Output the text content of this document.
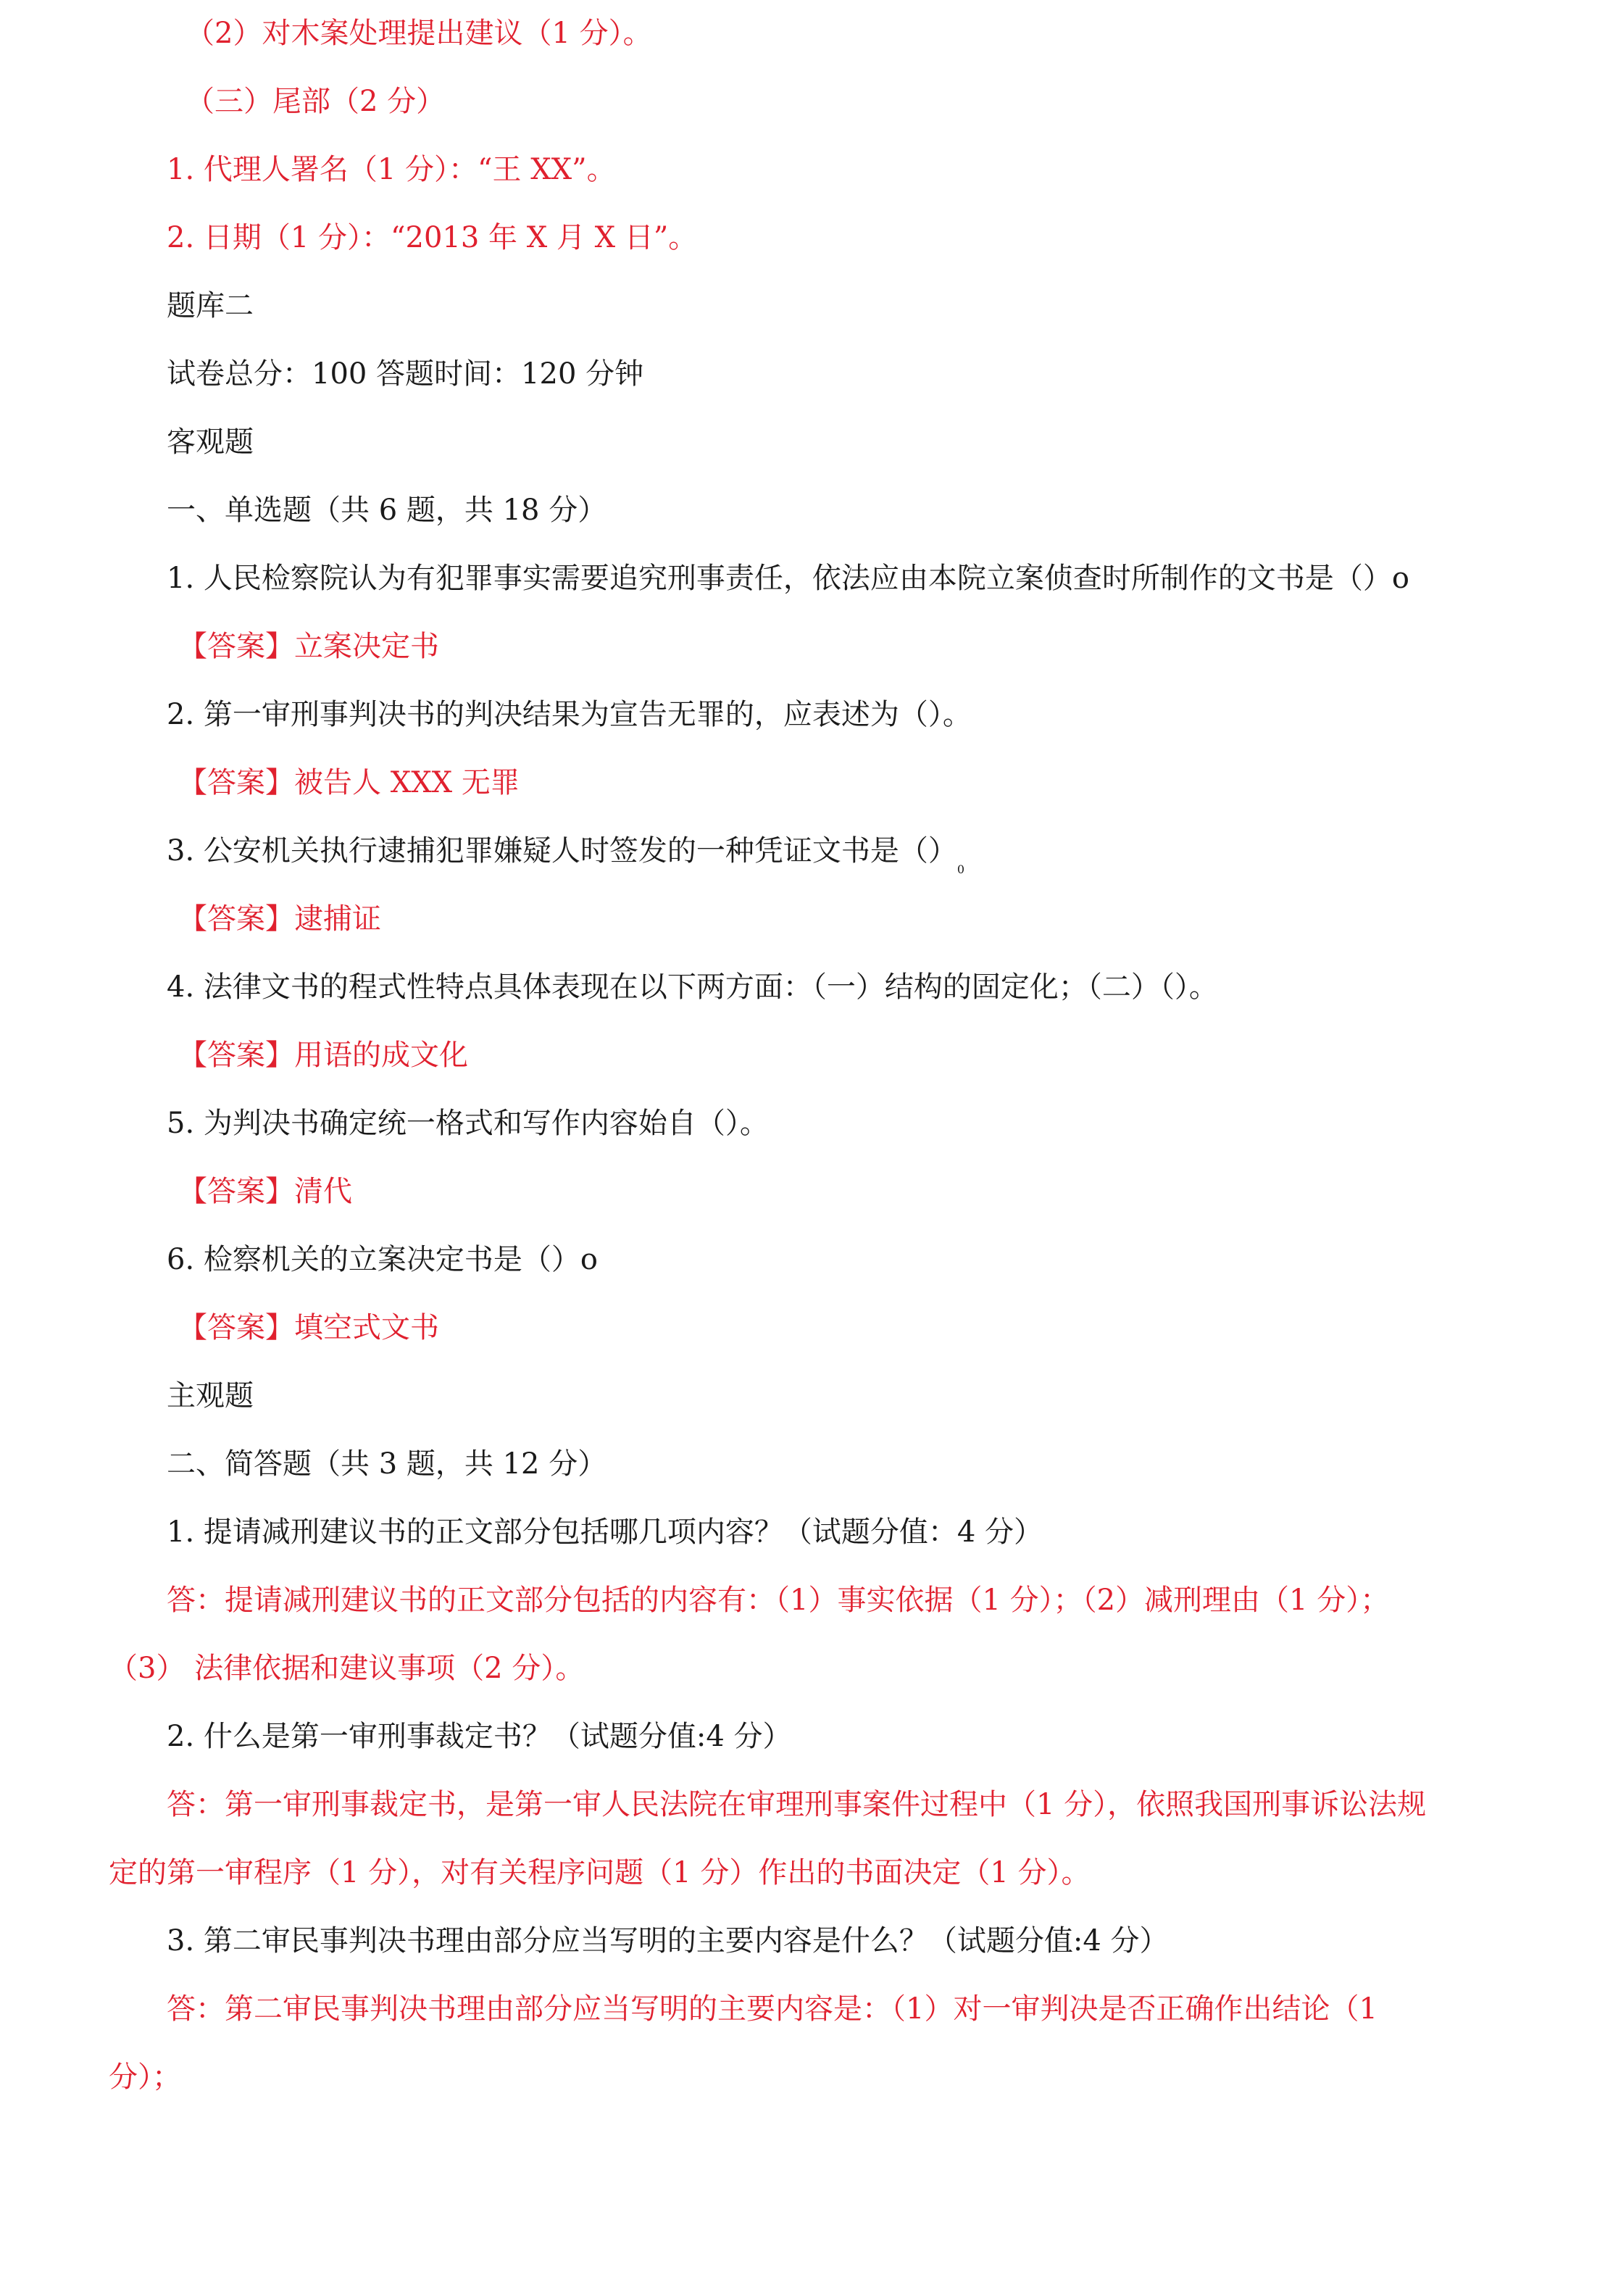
（2）对木案处理提出建议（1 分）。
（三）尾部（2 分）
1. 代理人署名（1 分）：“王 XX”。
2. 日期（1 分）：“2013 年 X 月 X 日”。
题库二
试卷总分：100 答题时间：120 分钟
客观题
一、单选题（共 6 题，共 18 分）
1. 人民检察院认为有犯罪事实需要追究刑事责任，依法应由本院立案侦查时所制作的文书是（）o
【答案】立案决定书
2. 第一审刑事判决书的判决结果为宣告无罪的，应表述为（）。
【答案】被告人 XXX 无罪
3. 公安机关执行逮捕犯罪嫌疑人时签发的一种凭证文书是$()_0$
【答案】逮捕证
4. 法律文书的程式性特点具体表现在以下两方面：（一）结构的固定化；（二）（）。
【答案】用语的成文化
5. 为判决书确定统一格式和写作内容始自（）。
【答案】清代
6. 检察机关的立案决定书是（）o
【答案】填空式文书
主观题
二、简答题（共 3 题，共 12 分）
1. 提请减刑建议书的正文部分包括哪几项内容？（试题分值：4 分）
答：提请减刑建议书的正文部分包括的内容有：（1）事实依据（1 分）；（2）减刑理由（1 分）；
（3） 法律依据和建议事项（2 分）。
2. 什么是第一审刑事裁定书？（试题分值:4 分）
答：第一审刑事裁定书，是第一审人民法院在审理刑事案件过程中（1 分），依照我国刑事诉讼法规
定的第一审程序（1 分），对有关程序问题（1 分）作出的书面决定（1 分）。
3. 第二审民事判决书理由部分应当写明的主要内容是什么？（试题分值:4 分）
答：第二审民事判决书理由部分应当写明的主要内容是：（1）对一审判决是否正确作出结论（1
分）；
